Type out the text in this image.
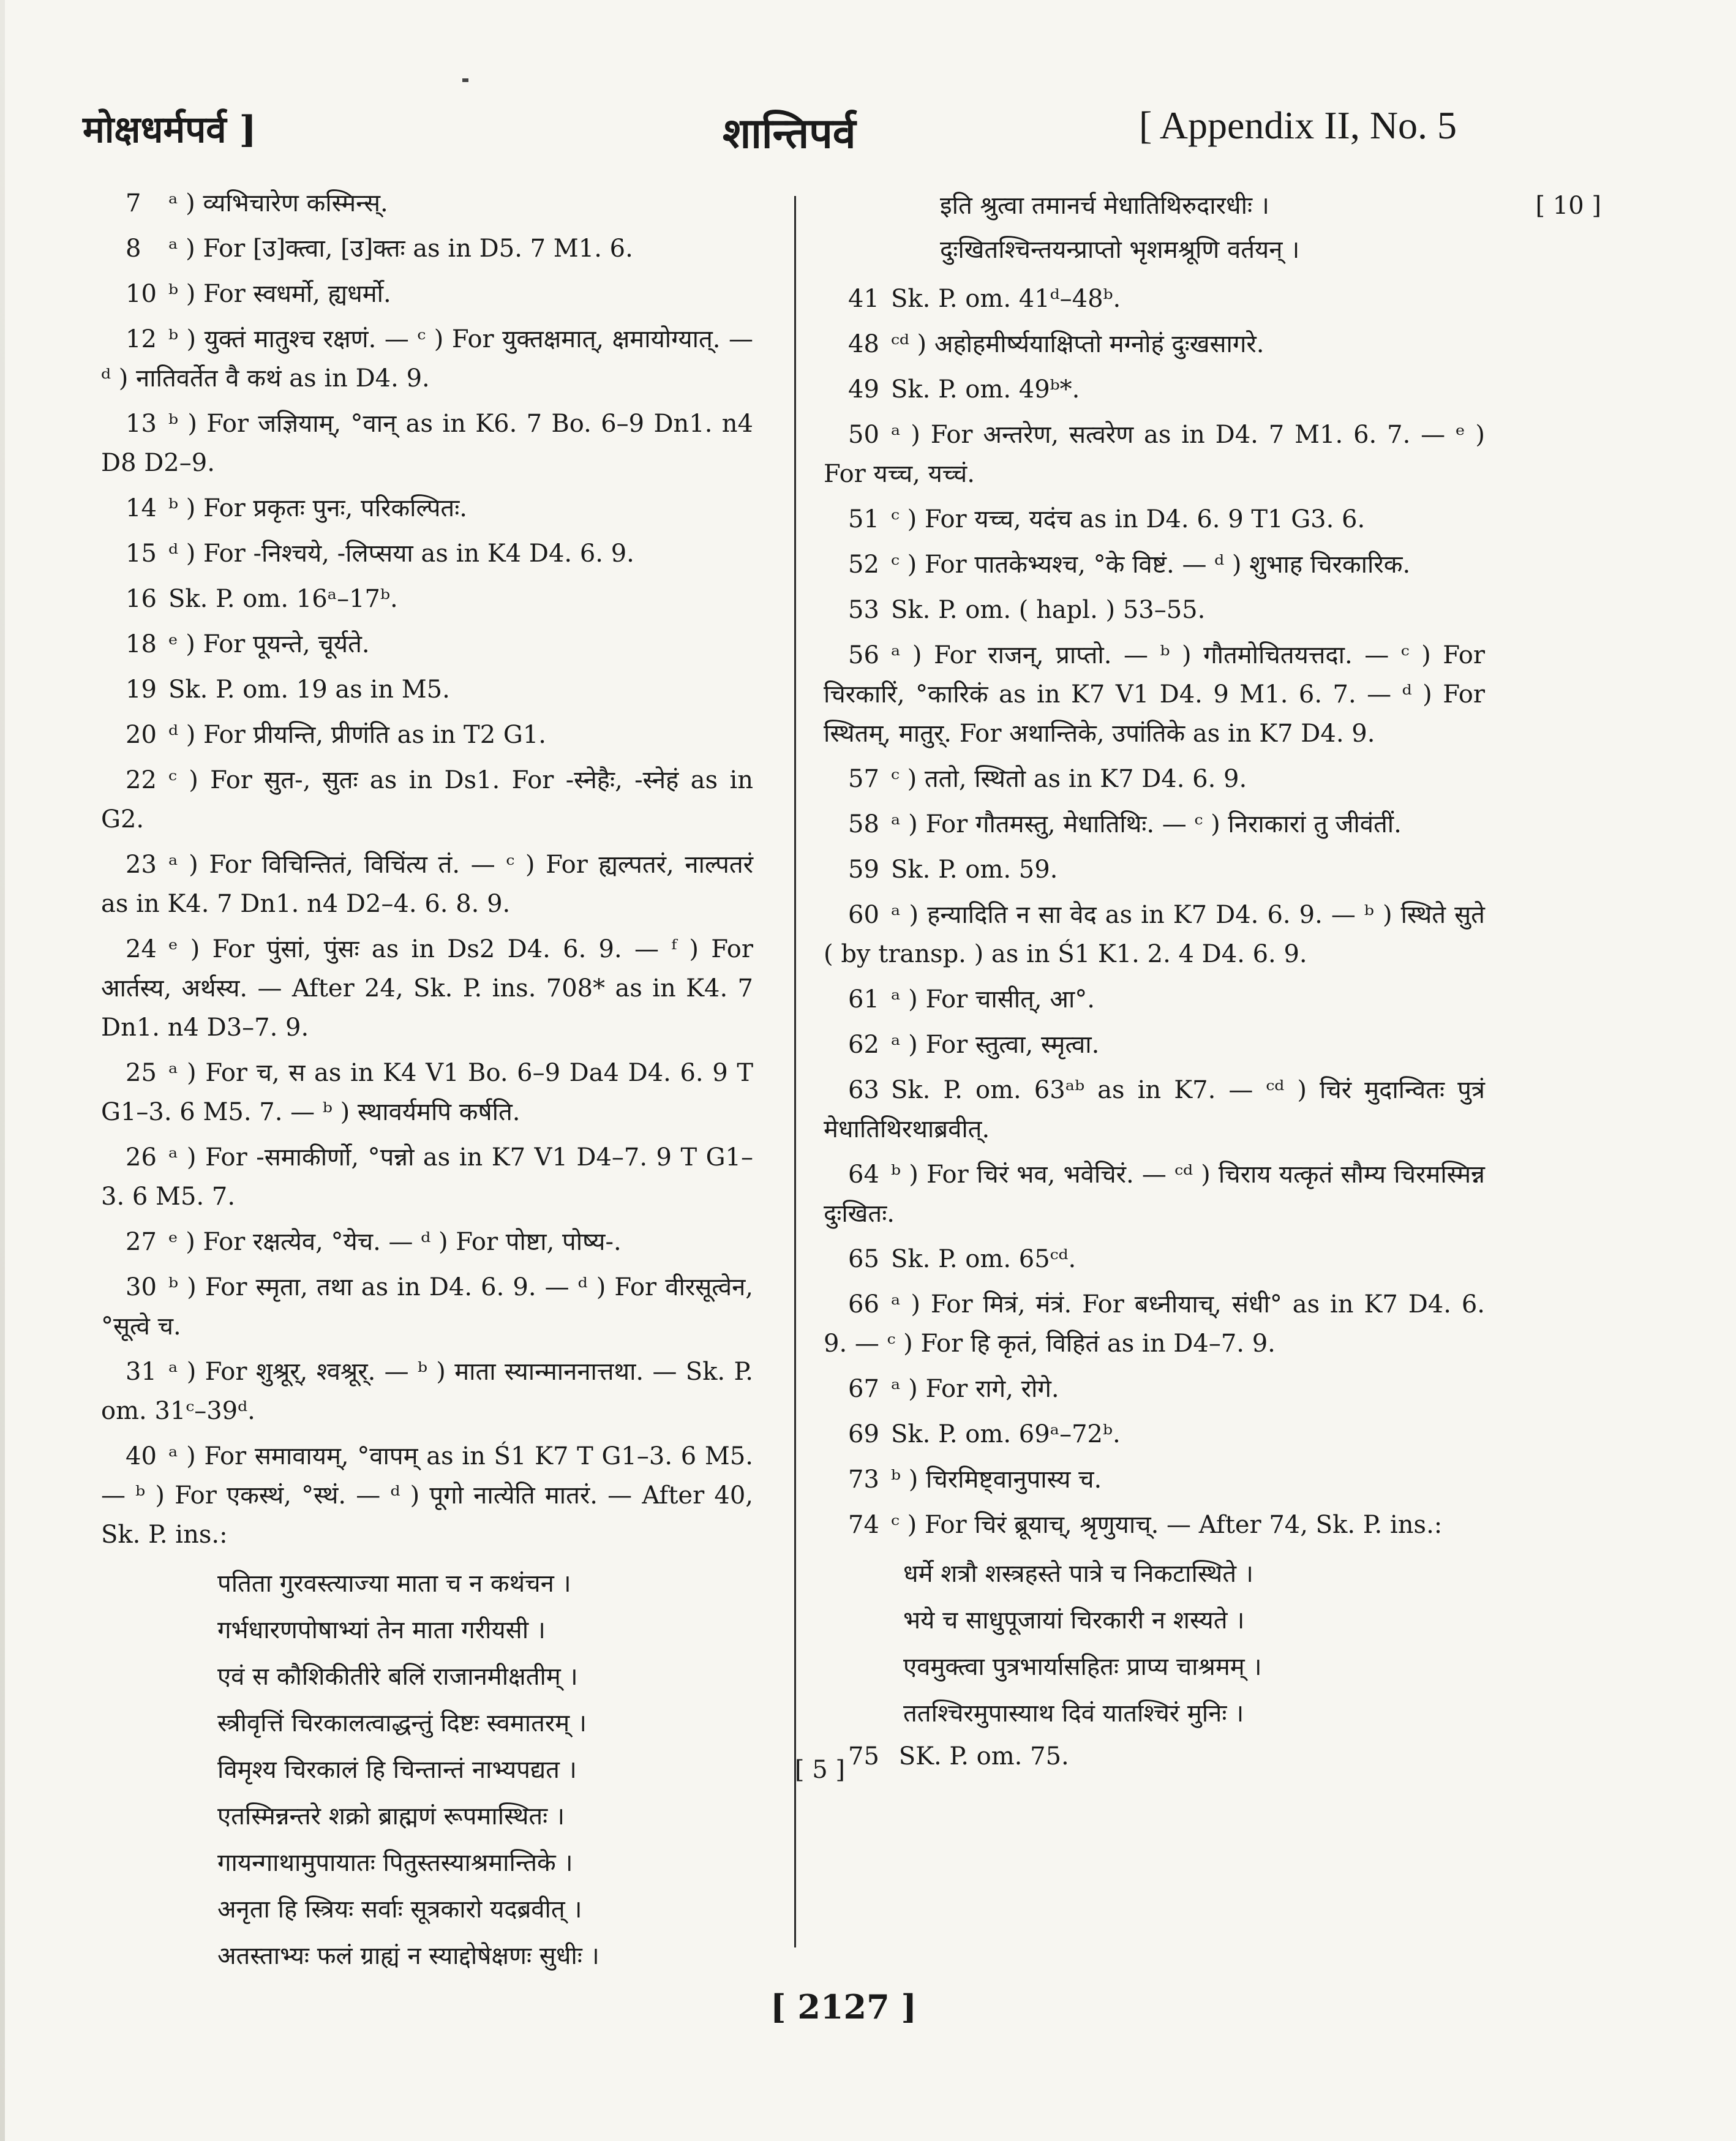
मोक्षधर्मपर्व ]	शान्तिपर्व	[ Appendix II, No. 5
7 ᵃ ) व्यभिचारेण कस्मिन्स्.
8 ᵃ ) For [उ]क्त्वा, [उ]क्तः as in D5. 7 M1. 6.
10 ᵇ ) For स्वधर्मो, ह्यधर्मो.
12 ᵇ ) युक्तं मातुश्च रक्षणं. — ᶜ ) For युक्तक्षमात्, क्षमायोग्यात्. — ᵈ ) नातिवर्तेत वै कथं as in D4. 9.
13 ᵇ ) For जज्ञियाम्, °वान् as in K6. 7 Bo. 6–9 Dn1. n4 D8 D2–9.
14 ᵇ ) For प्रकृतः पुनः, परिकल्पितः.
15 ᵈ ) For -निश्चये, -लिप्सया as in K4 D4. 6. 9.
16 Sk. P. om. 16ᵃ–17ᵇ.
18 ᵉ ) For पूयन्ते, चूर्यते.
19 Sk. P. om. 19 as in M5.
20 ᵈ ) For प्रीयन्ति, प्रीणंति as in T2 G1.
22 ᶜ ) For सुत-, सुतः as in Ds1. For -स्नेहैः, -स्नेहं as in G2.
23 ᵃ ) For विचिन्तितं, विचिंत्य तं. — ᶜ ) For ह्यल्पतरं, नाल्पतरं as in K4. 7 Dn1. n4 D2–4. 6. 8. 9.
24 ᵉ ) For पुंसां, पुंसः as in Ds2 D4. 6. 9. — ᶠ ) For आर्तस्य, अर्थस्य. — After 24, Sk. P. ins. 708* as in K4. 7 Dn1. n4 D3–7. 9.
25 ᵃ ) For च, स as in K4 V1 Bo. 6–9 Da4 D4. 6. 9 T G1–3. 6 M5. 7. — ᵇ ) स्थावर्यमपि कर्षति.
26 ᵃ ) For -समाकीर्णो, °पन्नो as in K7 V1 D4–7. 9 T G1–3. 6 M5. 7.
27 ᵉ ) For रक्षत्येव, °येच. — ᵈ ) For पोष्टा, पोष्य-.
30 ᵇ ) For स्मृता, तथा as in D4. 6. 9. — ᵈ ) For वीरसूत्वेन, °सूत्वे च.
31 ᵃ ) For शुश्रूर्, श्वश्रूर्. — ᵇ ) माता स्यान्माननात्तथा. — Sk. P. om. 31ᶜ–39ᵈ.
40 ᵃ ) For समावायम्, °वापम् as in Ś1 K7 T G1–3. 6 M5. — ᵇ ) For एकस्थं, °स्थं. — ᵈ ) पूगो नात्येति मातरं. — After 40, Sk. P. ins.:
पतिता गुरवस्त्याज्या माता च न कथंचन ।
गर्भधारणपोषाभ्यां तेन माता गरीयसी ।
एवं स कौशिकीतीरे बलिं राजानमीक्षतीम् ।
स्त्रीवृत्तिं चिरकालत्वाद्धन्तुं दिष्टः स्वमातरम् ।
विमृश्य चिरकालं हि चिन्तान्तं नाभ्यपद्यत ।	[ 5 ]
एतस्मिन्नन्तरे शक्रो ब्राह्मणं रूपमास्थितः ।
गायन्गाथामुपायातः पितुस्तस्याश्रमान्तिके ।
अनृता हि स्त्रियः सर्वाः सूत्रकारो यदब्रवीत् ।
अतस्ताभ्यः फलं ग्राह्यं न स्याद्दोषेक्षणः सुधीः ।
इति श्रुत्वा तमानर्च मेधातिथिरुदारधीः ।	[ 10 ]
दुःखितश्चिन्तयन्प्राप्तो भृशमश्रूणि वर्तयन् ।
41 Sk. P. om. 41ᵈ–48ᵇ.
48 ᶜᵈ ) अहोहमीर्ष्ययाक्षिप्तो मग्नोहं दुःखसागरे.
49 Sk. P. om. 49ᵇ*.
50 ᵃ ) For अन्तरेण, सत्वरेण as in D4. 7 M1. 6. 7. — ᵉ ) For यच्च, यच्चं.
51 ᶜ ) For यच्च, यदंच as in D4. 6. 9 T1 G3. 6.
52 ᶜ ) For पातकेभ्यश्च, °के विष्टं. — ᵈ ) शुभाह चिरकारिक.
53 Sk. P. om. ( hapl. ) 53–55.
56 ᵃ ) For राजन्, प्राप्तो. — ᵇ ) गौतमोचितयत्तदा. — ᶜ ) For चिरकारिं, °कारिकं as in K7 V1 D4. 9 M1. 6. 7. — ᵈ ) For स्थितम्, मातुर्. For अथान्तिके, उपांतिके as in K7 D4. 9.
57 ᶜ ) ततो, स्थितो as in K7 D4. 6. 9.
58 ᵃ ) For गौतमस्तु, मेधातिथिः. — ᶜ ) निराकारां तु जीवंतीं.
59 Sk. P. om. 59.
60 ᵃ ) हन्यादिति न सा वेद as in K7 D4. 6. 9. — ᵇ ) स्थिते सुते ( by transp. ) as in Ś1 K1. 2. 4 D4. 6. 9.
61 ᵃ ) For चासीत्, आ°.
62 ᵃ ) For स्तुत्वा, स्मृत्वा.
63 Sk. P. om. 63ᵃᵇ as in K7. — ᶜᵈ ) चिरं मुदान्वितः पुत्रं मेधातिथिरथाब्रवीत्.
64 ᵇ ) For चिरं भव, भवेचिरं. — ᶜᵈ ) चिराय यत्कृतं सौम्य चिरमस्मिन्न दुःखितः.
65 Sk. P. om. 65ᶜᵈ.
66 ᵃ ) For मित्रं, मंत्रं. For बध्नीयाच्, संधी° as in K7 D4. 6. 9. — ᶜ ) For हि कृतं, विहितं as in D4–7. 9.
67 ᵃ ) For रागे, रोगे.
69 Sk. P. om. 69ᵃ–72ᵇ.
73 ᵇ ) चिरमिष्ट्वानुपास्य च.
74 ᶜ ) For चिरं ब्रूयाच्, श्रृणुयाच्. — After 74, Sk. P. ins.:
धर्मे शत्रौ शस्त्रहस्ते पात्रे च निकटास्थिते ।
भये च साधुपूजायां चिरकारी न शस्यते ।
एवमुक्त्वा पुत्रभार्यासहितः प्राप्य चाश्रमम् ।
ततश्चिरमुपास्याथ दिवं यातश्चिरं मुनिः ।
75 SK. P. om. 75.
[ 2127 ]
